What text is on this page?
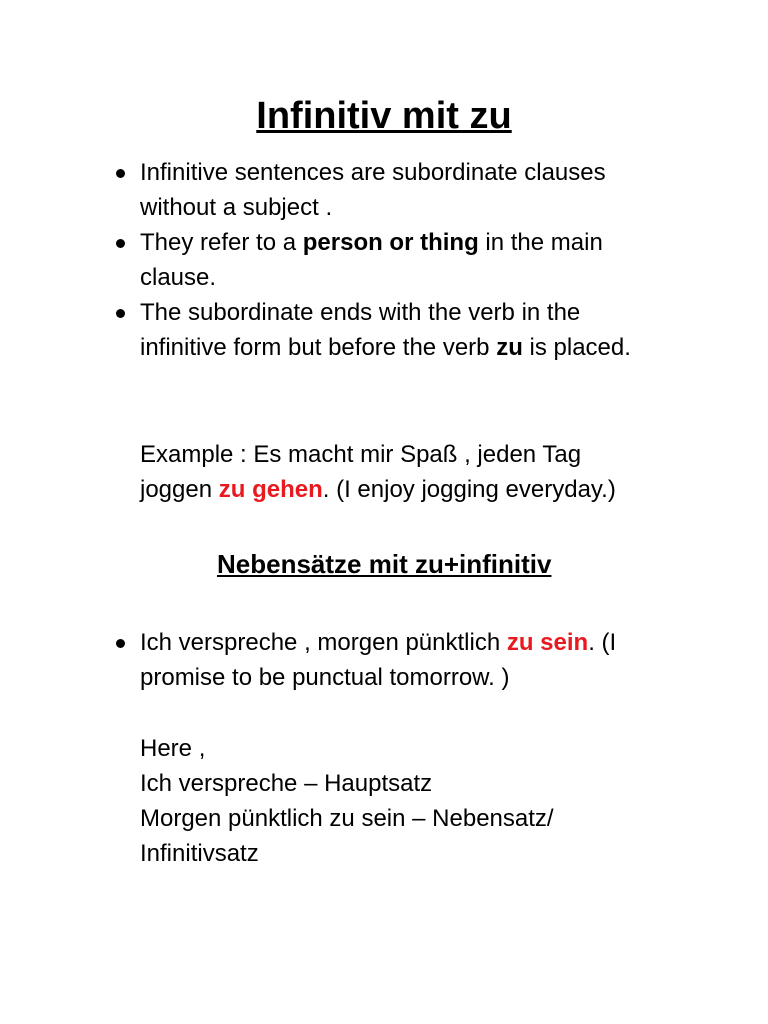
Infinitiv mit zu
Infinitive sentences are subordinate clauses without a subject .
They refer to a person or thing in the main clause.
The subordinate ends with the verb in the infinitive form but before the verb zu is placed.
Example : Es macht mir Spaß , jeden Tag
joggen zu gehen. (I enjoy jogging everyday.)
Nebensätze mit zu+infinitiv
Ich verspreche , morgen pünktlich zu sein. (I promise to be punctual tomorrow. )
Here ,
Ich verspreche – Hauptsatz
Morgen pünktlich zu sein – Nebensatz/
Infinitivsatz
